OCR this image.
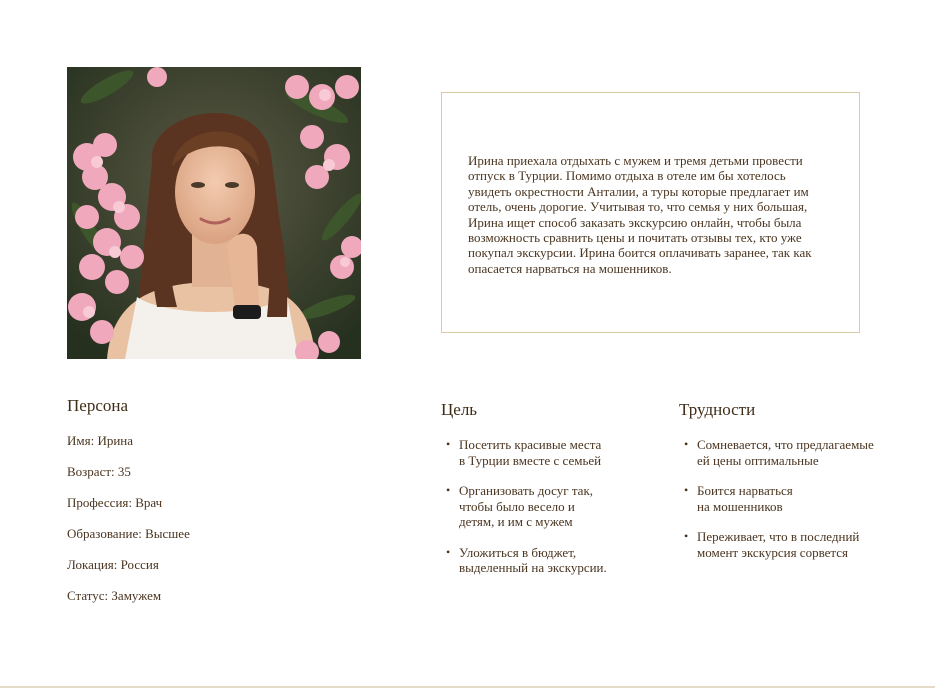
Ирина приехала отдыхать с мужем и тремя детьми провести
отпуск в Турции. Помимо отдыха в отеле им бы хотелось
увидеть окрестности Анталии, а туры которые предлагает им
отель, очень дорогие. Учитывая то, что семья у них большая,
Ирина ищет способ заказать экскурсию онлайн, чтобы была
возможность сравнить цены и почитать отзывы тех, кто уже
покупал экскурсии. Ирина боится оплачивать заранее, так как
опасается нарваться на мошенников.
Персона
Имя: Ирина
Возраст: 35
Профессия: Врач
Образование: Высшее
Локация: Россия
Статус: Замужем
Цель
• Посетить красивые места
в Турции вместе с семьей
• Организовать досуг так,
чтобы было весело и
детям, и им с мужем
• Уложиться в бюджет,
выделенный на экскурсии.
Трудности
• Сомневается, что предлагаемые
ей цены оптимальные
• Боится нарваться
на мошенников
• Переживает, что в последний
момент экскурсия сорвется
